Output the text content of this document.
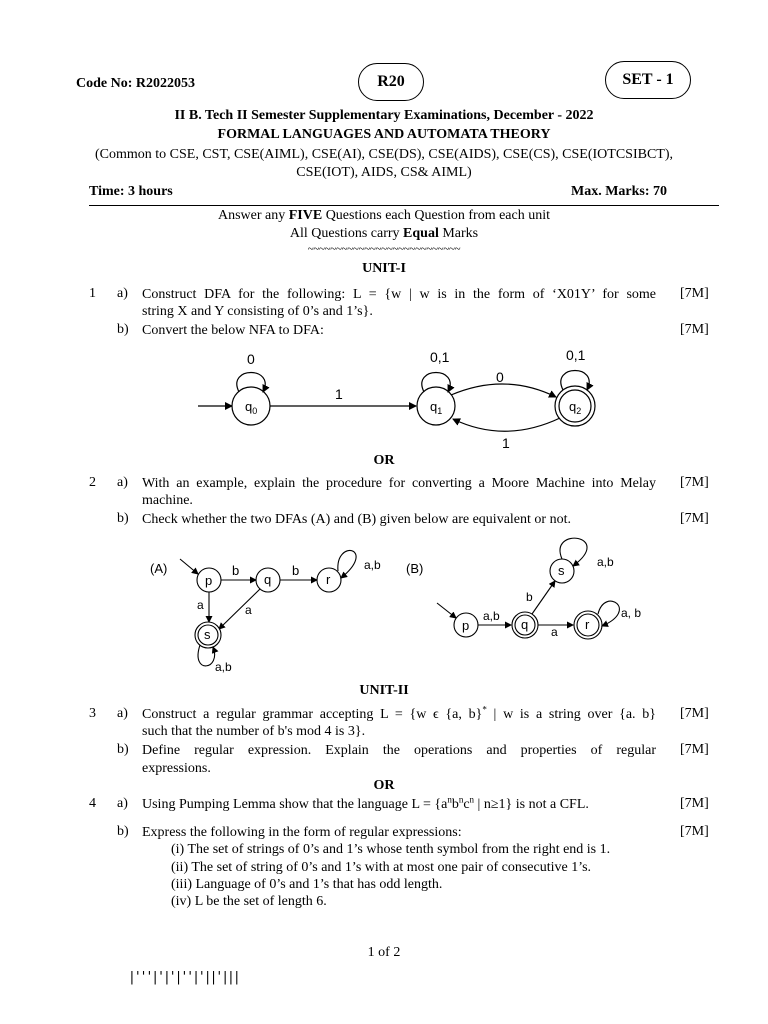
Code No: R2022053	R20	SET - 1
II B. Tech II Semester Supplementary Examinations, December - 2022
FORMAL LANGUAGES AND AUTOMATA THEORY
(Common to CSE, CST, CSE(AIML), CSE(AI), CSE(DS), CSE(AIDS), CSE(CS), CSE(IOTCSIBCT),
CSE(IOT), AIDS, CS& AIML)
Time: 3 hours	Max. Marks: 70
Answer any FIVE Questions each Question from each unit
All Questions carry Equal Marks
~~~~~~~~~~~~~~~~~~~~~~~~~~~
UNIT-I
1 a) Construct DFA for the following: L = {w | w is in the form of ‘X01Y’ for some
string X and Y consisting of 0’s and 1’s}.
[7M]
b) Convert the below NFA to DFA:	[7M]
$q_0$
0
1
$q_1$
0,1
0
1
$q_2$
0,1
OR
2 a) With an example, explain the procedure for converting a Moore Machine into Melay
machine.
[7M]
b) Check whether the two DFAs (A) and (B) given below are equivalent or not.	[7M]
(A)
p
b
q
b
r
a,b
a	a
s
a,b
(B)
p
a,b
q
b
s
a,b
a r
a, b
UNIT-II
3 a) Construct a regular grammar accepting L = {w ϵ {a, b}* | w is a string over {a. b}
such that the number of b's mod 4 is 3}.
[7M]
b) Define regular expression. Explain the operations and properties of regular
expressions.
[7M]
OR
4 a) Using Pumping Lemma show that the language $L = \{a^nb^nc^n$ | n≥1} is not a CFL.	[7M]
b) Express the following in the form of regular expressions:	[7M]
(i) The set of strings of 0’s and 1’s whose tenth symbol from the right end is 1.
(ii) The set of string of 0’s and 1’s with at most one pair of consecutive 1’s.
(iii) Language of 0’s and 1’s that has odd length.
(iv) L be the set of length 6.
1 of 2
|'''|'|'|''|'||'|||
